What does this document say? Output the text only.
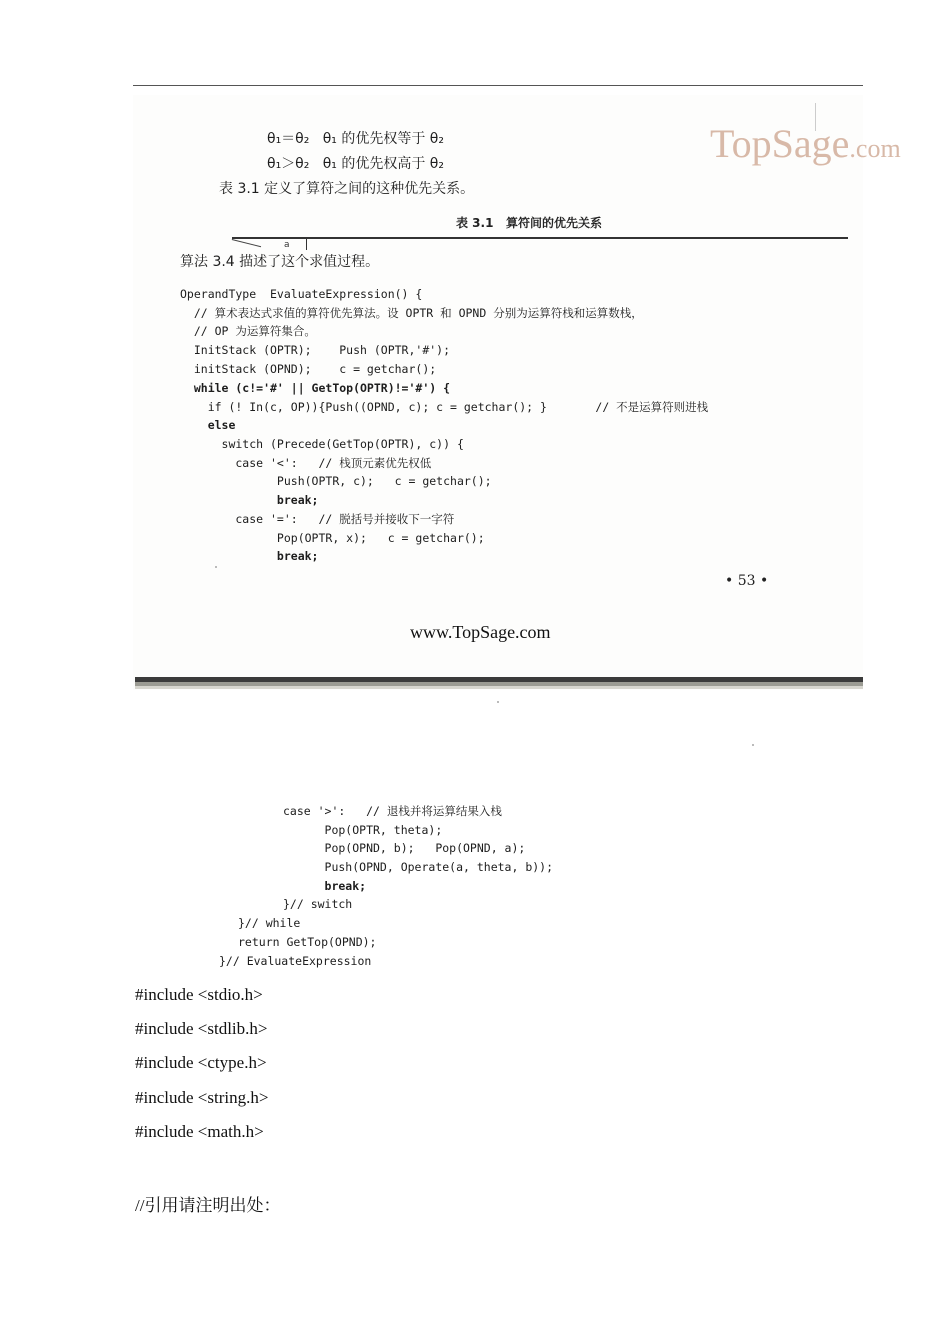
TopSage.com
θ₁＝θ₂   θ₁ 的优先权等于 θ₂
θ₁＞θ₂   θ₁ 的优先权高于 θ₂
表 3.1 定义了算符之间的这种优先关系。
表 3.1   算符间的优先关系
a
算法 3.4 描述了这个求值过程。
OperandType  EvaluateExpression() {
// 算术表达式求值的算符优先算法。设 OPTR 和 OPND 分别为运算符栈和运算数栈，
// OP 为运算符集合。
InitStack (OPTR);    Push (OPTR,'#');
initStack (OPND);    c = getchar();
while (c!='#' || GetTop(OPTR)!='#') {
if (! In(c, OP)){Push((OPND, c); c = getchar(); }       // 不是运算符则进栈
else
switch (Precede(GetTop(OPTR), c)) {
case '<':   // 栈顶元素优先权低
Push(OPTR, c);   c = getchar();
break;
case '=':   // 脱括号并接收下一字符
Pop(OPTR, x);   c = getchar();
break;
• 53 •
www.TopSage.com
case '>':   // 退栈并将运算结果入栈
Pop(OPTR, theta);
Pop(OPND, b);   Pop(OPND, a);
Push(OPND, Operate(a, theta, b));
break;
}// switch
}// while
return GetTop(OPND);
}// EvaluateExpression
#include <stdio.h>
#include <stdlib.h>
#include <ctype.h>
#include <string.h>
#include <math.h>
//引用请注明出处：
